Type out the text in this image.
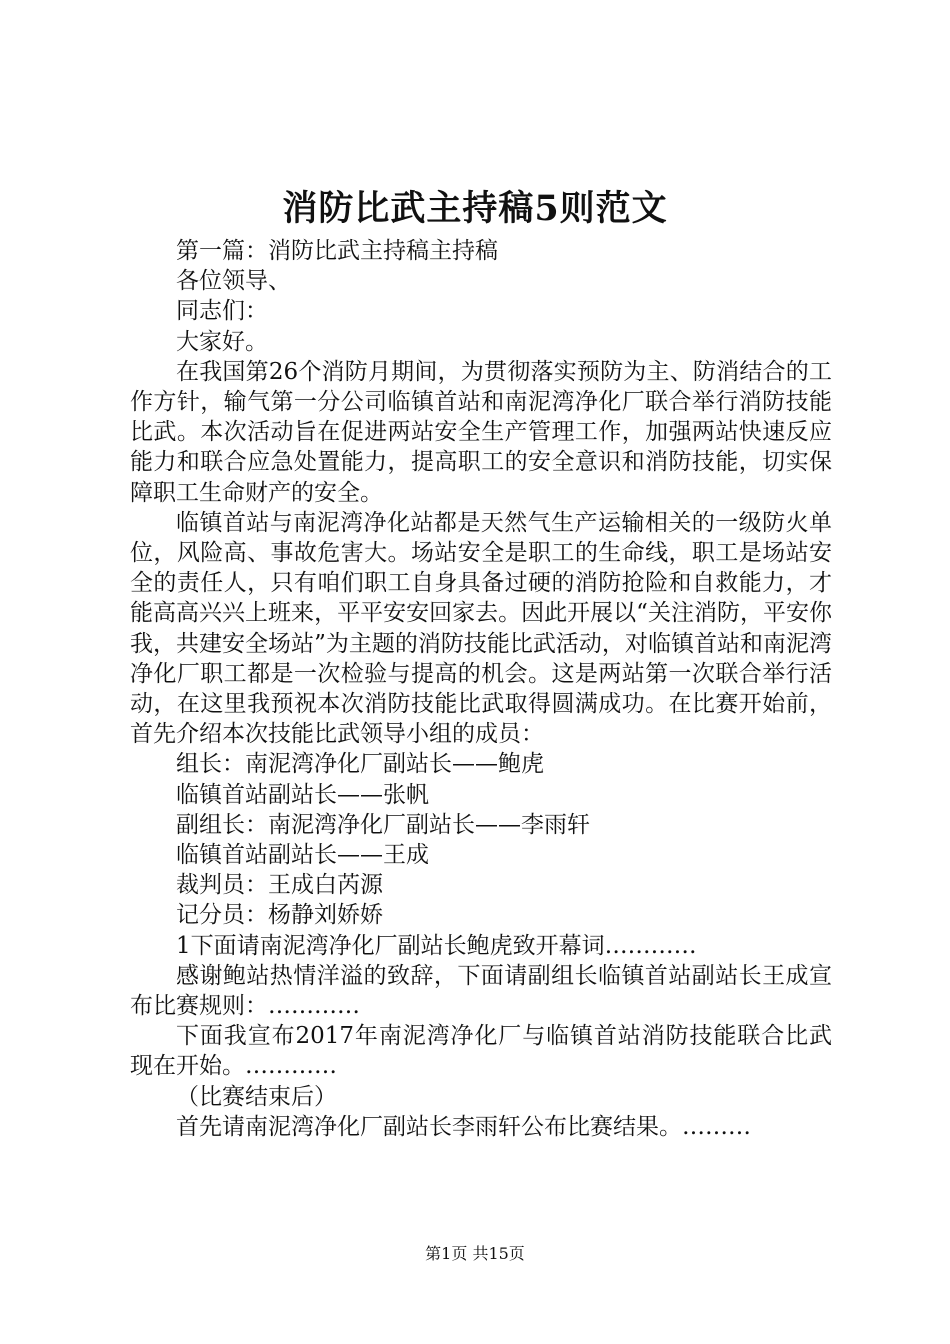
消防比武主持稿5则范文

第一篇：消防比武主持稿主持稿

各位领导、

同志们：

大家好。

在我国第26个消防月期间，为贯彻落实预防为主、防消结合的工作方针，输气第一分公司临镇首站和南泥湾净化厂联合举行消防技能比武。本次活动旨在促进两站安全生产管理工作，加强两站快速反应能力和联合应急处置能力，提高职工的安全意识和消防技能，切实保障职工生命财产的安全。

临镇首站与南泥湾净化站都是天然气生产运输相关的一级防火单位，风险高、事故危害大。场站安全是职工的生命线，职工是场站安全的责任人，只有咱们职工自身具备过硬的消防抢险和自救能力，才能高高兴兴上班来，平平安安回家去。因此开展以“关注消防，平安你我，共建安全场站”为主题的消防技能比武活动，对临镇首站和南泥湾净化厂职工都是一次检验与提高的机会。这是两站第一次联合举行活动，在这里我预祝本次消防技能比武取得圆满成功。在比赛开始前，首先介绍本次技能比武领导小组的成员：

组长：南泥湾净化厂副站长——鲍虎

临镇首站副站长——张帆

副组长：南泥湾净化厂副站长——李雨轩

临镇首站副站长——王成

裁判员：王成白芮源

记分员：杨静刘娇娇

1下面请南泥湾净化厂副站长鲍虎致开幕词…………

感谢鲍站热情洋溢的致辞，下面请副组长临镇首站副站长王成宣布比赛规则：…………

下面我宣布2017年南泥湾净化厂与临镇首站消防技能联合比武现在开始。…………

（比赛结束后）

首先请南泥湾净化厂副站长李雨轩公布比赛结果。………

第1页 共15页
